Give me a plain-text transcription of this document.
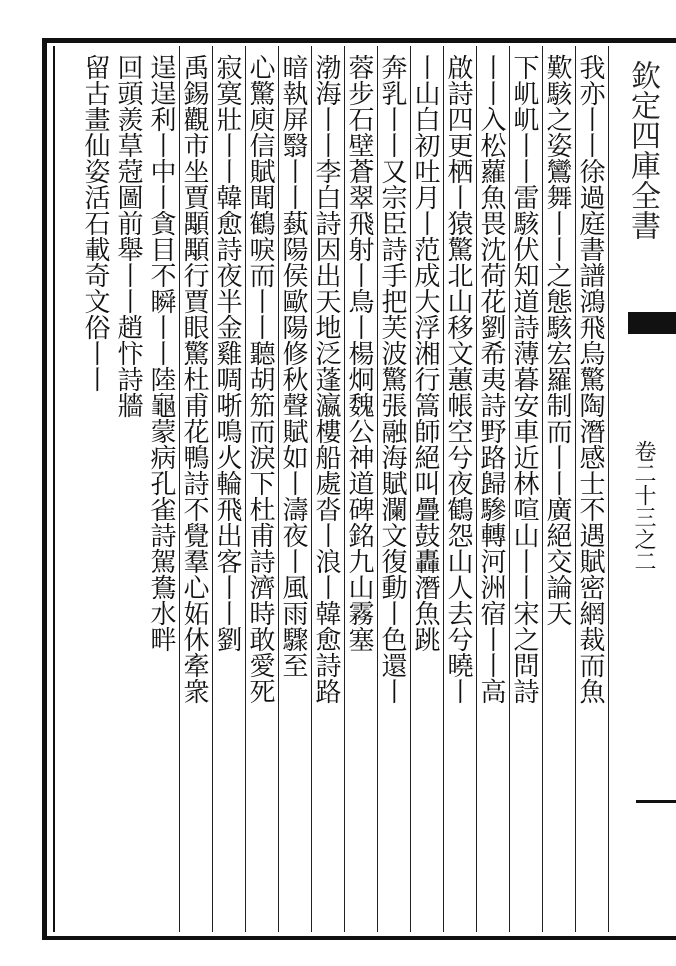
欽定四庫全書
卷二十三之二
我亦丨丨徐過庭書譜鴻飛烏驚陶潛感士不遇賦密網裁而魚
歎駭之姿鸞舞丨丨之態駭宏羅制而丨丨廣絕交論天
下㞦㞦丨丨雷駭伏知道詩薄暮安車近林喧山丨丨宋之問詩
丨丨入松蘿魚畏沈荷花劉希夷詩野路歸驂轉河洲宿丨丨高
啟詩四更栖丨猿驚北山移文蕙帳空兮夜鶴怨山人去兮曉丨
丨山白初吐月丨范成大浮湘行篙師絕叫疊鼓轟潛魚跳
奔乳丨丨又宗臣詩手把芙波驚張融海賦瀾文復動丨色還丨
蓉步石壁蒼翠飛射丨鳥丨楊炯魏公神道碑銘九山霧塞
渤海丨丨李白詩因出天地泛蓬瀛樓船處沓丨浪丨韓愈詩路
暗執屏翳丨丨蓺陽侯歐陽修秋聲賦如丨濤夜丨風雨驟至
心驚庾信賦聞鶴唳而丨丨聽胡笳而淚下杜甫詩濟時敢愛死
寂寞壯丨丨韓愈詩夜半金雞啁哳鳴火輪飛出客丨丨劉
禹錫觀市坐賈顒顒行賈眼驚杜甫花鴨詩不覺羣心妬休牽衆
逞逞利丨中丨貪目不瞬丨丨陸龜蒙病孔雀詩駕鴦水畔
回頭羨䓍蒄圖前舉丨丨趙忭詩牆
留古畫仙姿活石載奇文俗丨丨
